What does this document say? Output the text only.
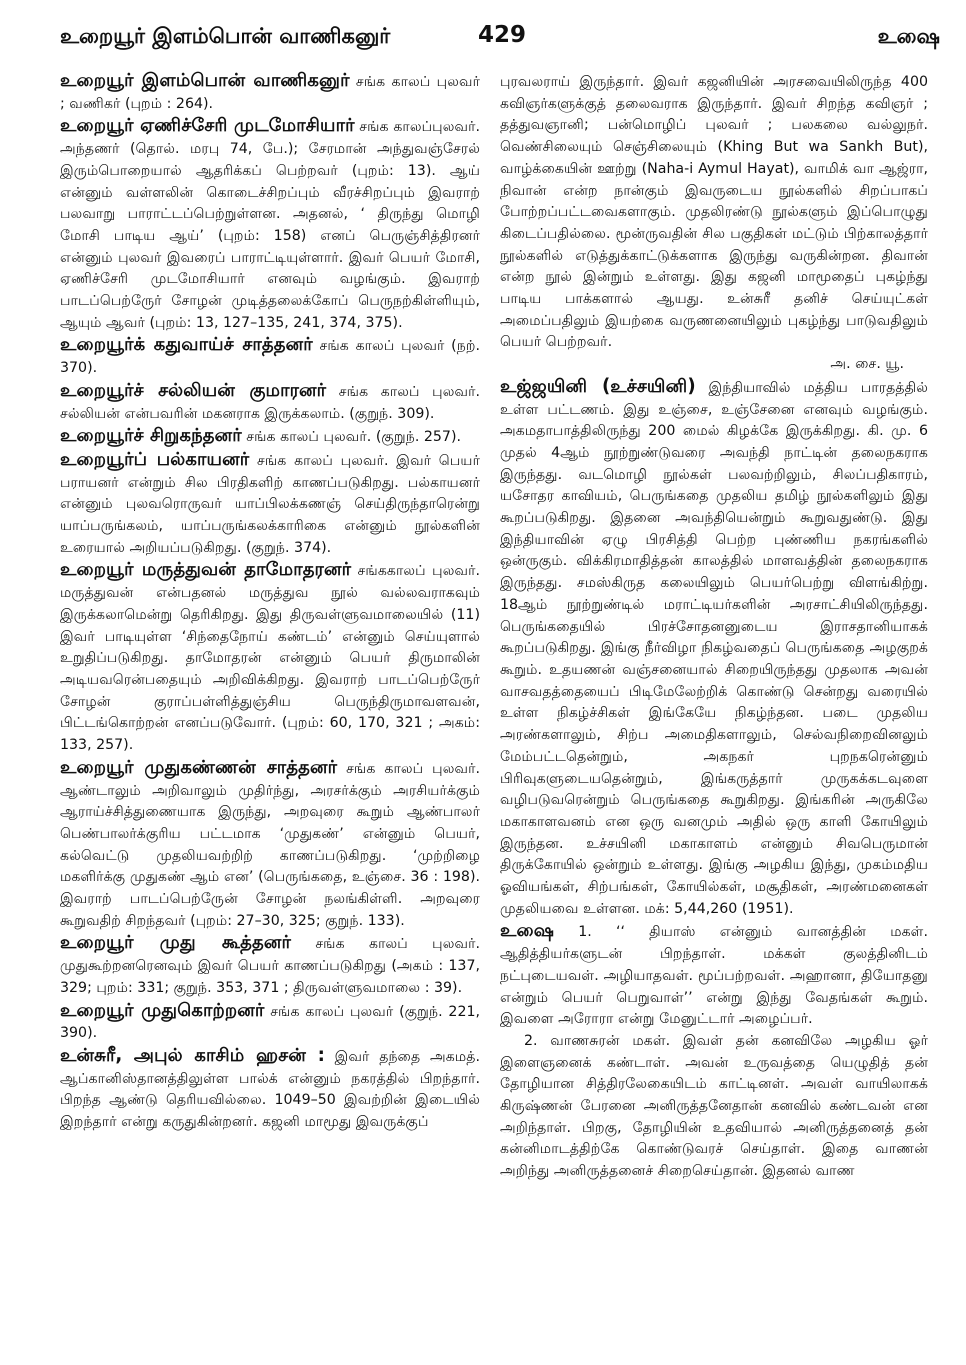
உறையூர் இளம்பொன் வாணிகனுர்	429	உஷை

உறையூர் இளம்பொன் வாணிகனுர் சங்க காலப் புலவர் ; வணிகர் (புறம் : 264).

உறையூர் ஏணிச்சேரி முடமோசியார் சங்க காலப்புலவர். அந்தணர் (தொல். மரபு 74, பே.); சேரமான் அந்துவஞ்சேரல் இரும்பொறையால் ஆதரிக்கப் பெற்றவர் (புறம்: 13). ஆய் என்னும் வள்ளலின் கொடைச்சிறப்பும் வீரச்சிறப்பும் இவராற் பலவாறு பாராட்டப்பெற்றுள்ளன. அதனல், ‘ திருந்து மொழி மோசி பாடிய ஆய்’ (புறம்: 158) எனப் பெருஞ்சித்திரனர் என்னும் புலவர் இவரைப் பாராட்டியுள்ளார். இவர் பெயர் மோசி, ஏணிச்சேரி முடமோசியார் எனவும் வழங்கும். இவராற் பாடப்பெற்ருேர் சோழன் முடித்தலைக்கோப் பெருநற்கிள்ளியும், ஆயும் ஆவர் (புறம்: 13, 127–135, 241, 374, 375).

உறையூர்க் கதுவாய்ச் சாத்தனர் சங்க காலப் புலவர் (நற். 370).

உறையூர்ச் சல்லியன் குமாரனர் சங்க காலப் புலவர். சல்லியன் என்பவரின் மகனராக இருக்கலாம். (குறுந். 309).

உறையூர்ச் சிறுகந்தனர் சங்க காலப் புலவர். (குறுந். 257).

உறையூர்ப் பல்காயனர் சங்க காலப் புலவர். இவர் பெயர் பராயனர் என்றும் சில பிரதிகளிற் காணப்படுகிறது. பல்காயனர் என்னும் புலவரொருவர் யாப்பிலக்கணஞ் செய்திருந்தாரென்று யாப்பருங்கலம், யாப்பருங்கலக்காரிகை என்னும் நூல்களின் உரையால் அறியப்படுகிறது. (குறுந். 374).

உறையூர் மருத்துவன் தாமோதரனர் சங்ககாலப் புலவர். மருத்துவன் என்பதனல் மருத்துவ நூல் வல்லவராகவும் இருக்கலாமென்று தெரிகிறது. இது திருவள்ளுவமாலையில் (11) இவர் பாடியுள்ள ‘சிந்தைநோய் கண்டம்’ என்னும் செய்யுளால் உறுதிப்படுகிறது. தாமோதரன் என்னும் பெயர் திருமாலின் அடியவரென்பதையும் அறிவிக்கிறது. இவராற் பாடப்பெற்ருேர் சோழன் குராப்பள்ளித்துஞ்சிய பெருந்திருமாவளவன், பிட்டங்கொற்றன் எனப்படுவோர். (புறம்: 60, 170, 321 ; அகம்: 133, 257).

உறையூர் முதுகண்ணன் சாத்தனர் சங்க காலப் புலவர். ஆண்டாலும் அறிவாலும் முதிர்ந்து, அரசர்க்கும் அரசியர்க்கும் ஆராய்ச்சித்துணையாக இருந்து, அறவுரை கூறும் ஆண்பாலர் பெண்பாலர்க்குரிய பட்டமாக ‘முதுகண்’ என்னும் பெயர், கல்வெட்டு முதலியவற்றிற் காணப்படுகிறது. ‘முற்றிழை மகளிர்க்கு முதுகண் ஆம் என’ (பெருங்கதை, உஞ்சை. 36 : 198). இவராற் பாடப்பெற்ருேன் சோழன் நலங்கிள்ளி. அறவுரை கூறுவதிற் சிறந்தவர் (புறம்: 27–30, 325; குறுந். 133).

உறையூர் முது கூத்தனர் சங்க காலப் புலவர். முதுகூற்றனரெனவும் இவர் பெயர் காணப்படுகிறது (அகம் : 137, 329; புறம்: 331; குறுந். 353, 371 ; திருவள்ளுவமாலை : 39).

உறையூர் முதுகொற்றனர் சங்க காலப் புலவர் (குறுந். 221, 390).

உன்சுரீ, அபுல் காசிம் ஹசன் : இவர் தந்தை அகமத். ஆப்கானிஸ்தானத்திலுள்ள பால்க் என்னும் நகரத்தில் பிறந்தார். பிறந்த ஆண்டு தெரியவில்லை. 1049–50 இவற்றின் இடையில் இறந்தார் என்று கருதுகின்றனர். கஜனி மாமூது இவருக்குப்

புரவலராய் இருந்தார். இவர் கஜனியின் அரசவையிலிருந்த 400 கவிஞர்களுக்குத் தலைவராக இருந்தார். இவர் சிறந்த கவிஞர் ; தத்துவஞானி; பன்மொழிப் புலவர் ; பலகலை வல்லுநர். வெண்சிலையும் செஞ்சிலையும் (Khing But wa Sankh But), வாழ்க்கையின் ஊற்று (Naha-i Aymul Hayat), வாமிக் வா ஆஜ்ரா, நிவான் என்ற நான்கும் இவருடைய நூல்களில் சிறப்பாகப் போற்றப்பட்டவைகளாகும். முதலிரண்டு நூல்களும் இப்பொழுது கிடைப்பதில்லை. மூன்ருவதின் சில பகுதிகள் மட்டும் பிற்காலத்தார் நூல்களில் எடுத்துக்காட்டுக்களாக இருந்து வருகின்றன. திவான் என்ற நூல் இன்றும் உள்ளது. இது கஜனி மாமூதைப் புகழ்ந்து பாடிய பாக்களால் ஆயது. உன்சுரீ தனிச் செய்யுட்கள் அமைப்பதிலும் இயற்கை வருணனையிலும் புகழ்ந்து பாடுவதிலும் பெயர் பெற்றவர்.
அ. சை. யூ.

உஜ்ஜயினி (உச்சயினி) இந்தியாவில் மத்திய பாரதத்தில் உள்ள பட்டணம். இது உஞ்சை, உஞ்சேனை எனவும் வழங்கும். அகமதாபாத்திலிருந்து 200 மைல் கிழக்கே இருக்கிறது. கி. மு. 6 முதல் 4ஆம் நூற்றுண்டுவரை அவந்தி நாட்டின் தலைநகராக இருந்தது. வடமொழி நூல்கள் பலவற்றிலும், சிலப்பதிகாரம், யசோதர காவியம், பெருங்கதை முதலிய தமிழ் நூல்களிலும் இது கூறப்படுகிறது. இதனை அவந்தியென்றும் கூறுவதுண்டு. இது இந்தியாவின் ஏழு பிரசித்தி பெற்ற புண்ணிய நகரங்களில் ஒன்ருகும். விக்கிரமாதித்தன் காலத்தில் மாளவத்தின் தலைநகராக இருந்தது. சமஸ்கிருத கலையிலும் பெயர்பெற்று விளங்கிற்று. 18ஆம் நூற்றுண்டில் மராட்டியர்களின் அரசாட்சியிலிருந்தது. பெருங்கதையில் பிரச்சோதனனுடைய இராசதானியாகக் கூறப்படுகிறது. இங்கு நீர்விழா நிகழ்வதைப் பெருங்கதை அழகுறக் கூறும். உதயணன் வஞ்சனையால் சிறையிருந்தது முதலாக அவன் வாசவதத்தையைப் பிடிமேலேற்றிக் கொண்டு சென்றது வரையில் உள்ள நிகழ்ச்சிகள் இங்கேயே நிகழ்ந்தன. படை முதலிய அரண்களாலும், சிற்ப அமைதிகளாலும், செல்வநிறைவினலும் மேம்பட்டதென்றும், அகநகர் புறநகரென்னும் பிரிவுகளுடையதென்றும், இங்கருத்தார் முருகக்கடவுளை வழிபடுவரென்றும் பெருங்கதை கூறுகிறது. இங்கரின் அருகிலே மகாகாளவனம் என ஒரு வனமும் அதில் ஒரு காளி கோயிலும் இருந்தன. உச்சயினி மகாகாளம் என்னும் சிவபெருமான் திருக்கோயில் ஒன்றும் உள்ளது. இங்கு அழகிய இந்து, முகம்மதிய ஓவியங்கள், சிற்பங்கள், கோயில்கள், மசூதிகள், அரண்மனைகள் முதலியவை உள்ளன. மக்: 5,44,260 (1951).

உஷை 1. ‘‘ தியாஸ் என்னும் வானத்தின் மகள். ஆதித்தியர்களுடன் பிறந்தாள். மக்கள் குலத்தினிடம் நட்புடையவள். அழியாதவள். மூப்பற்றவள். அஹானா, தியோதனு என்றும் பெயர் பெறுவாள்’’ என்று இந்து வேதங்கள் கூறும். இவளை அரோரா என்று மேனுட்டார் அழைப்பர்.

2. வாணசுரன் மகள். இவள் தன் கனவிலே அழகிய ஓர் இளைஞனைக் கண்டாள். அவன் உருவத்தை யெழுதித் தன் தோழியான சித்திரலேகையிடம் காட்டினள். அவள் வாயிலாகக் கிருஷ்ணன் பேரனை அனிருத்தனேதான் கனவில் கண்டவன் என அறிந்தாள். பிறகு, தோழியின் உதவியால் அனிருத்தனைத் தன் கன்னிமாடத்திற்கே கொண்டுவரச் செய்தாள். இதை வாணன் அறிந்து அனிருத்தனைச் சிறைசெய்தான். இதனல் வாண
